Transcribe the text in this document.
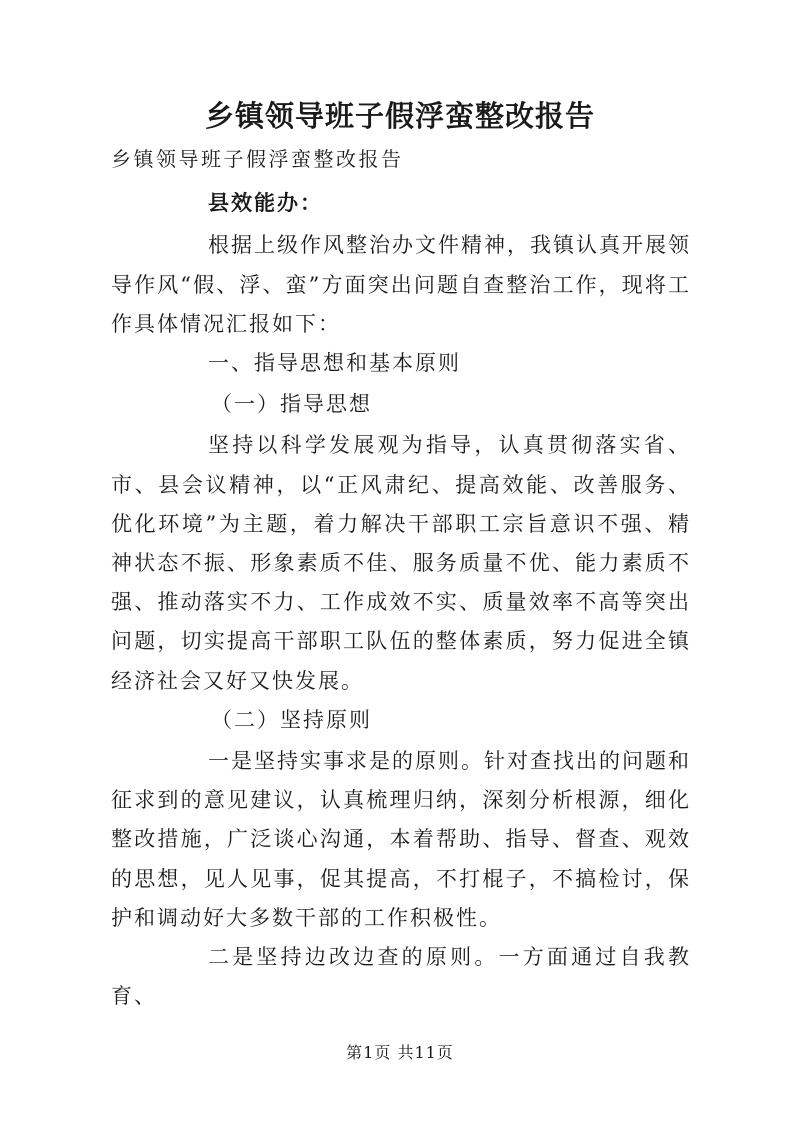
乡镇领导班子假浮蛮整改报告

乡镇领导班子假浮蛮整改报告

县效能办：

根据上级作风整治办文件精神，我镇认真开展领导作风“假、浮、蛮”方面突出问题自查整治工作，现将工作具体情况汇报如下：

一、指导思想和基本原则

（一）指导思想

坚持以科学发展观为指导，认真贯彻落实省、市、县会议精神，以“正风肃纪、提高效能、改善服务、优化环境”为主题，着力解决干部职工宗旨意识不强、精神状态不振、形象素质不佳、服务质量不优、能力素质不强、推动落实不力、工作成效不实、质量效率不高等突出问题，切实提高干部职工队伍的整体素质，努力促进全镇经济社会又好又快发展。

（二）坚持原则

一是坚持实事求是的原则。针对查找出的问题和征求到的意见建议，认真梳理归纳，深刻分析根源，细化整改措施，广泛谈心沟通，本着帮助、指导、督查、观效的思想，见人见事，促其提高，不打棍子，不搞检讨，保护和调动好大多数干部的工作积极性。

二是坚持边改边查的原则。一方面通过自我教育、

第1页 共11页
